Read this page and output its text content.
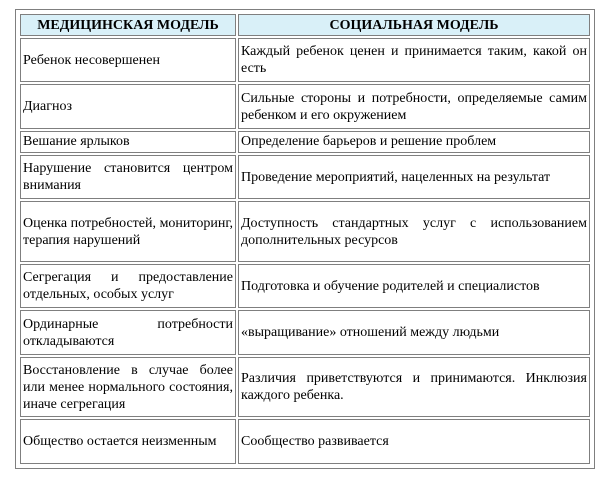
МЕДИЦИНСКАЯ МОДЕЛЬ	СОЦИАЛЬНАЯ МОДЕЛЬ
Ребенок несовершенен	Каждый ребенок ценен и принимается таким, какой он есть
Диагноз	Сильные стороны и потребности, определяемые самим ребенком и его окружением
Вешание ярлыков	Определение барьеров и решение проблем
Нарушение становится центром внимания	Проведение мероприятий, нацеленных на результат
Оценка потребностей, мониторинг, терапия нарушений	Доступность стандартных услуг с использованием дополнительных ресурсов
Сегрегация и предоставление отдельных, особых услуг	Подготовка и обучение родителей и специалистов
Ординарные потребности откладываются	«выращивание» отношений между людьми
Восстановление в случае более или менее нормального состояния, иначе сегрегация	Различия приветствуются и принимаются. Инклюзия каждого ребенка.
Общество остается неизменным	Сообщество развивается
